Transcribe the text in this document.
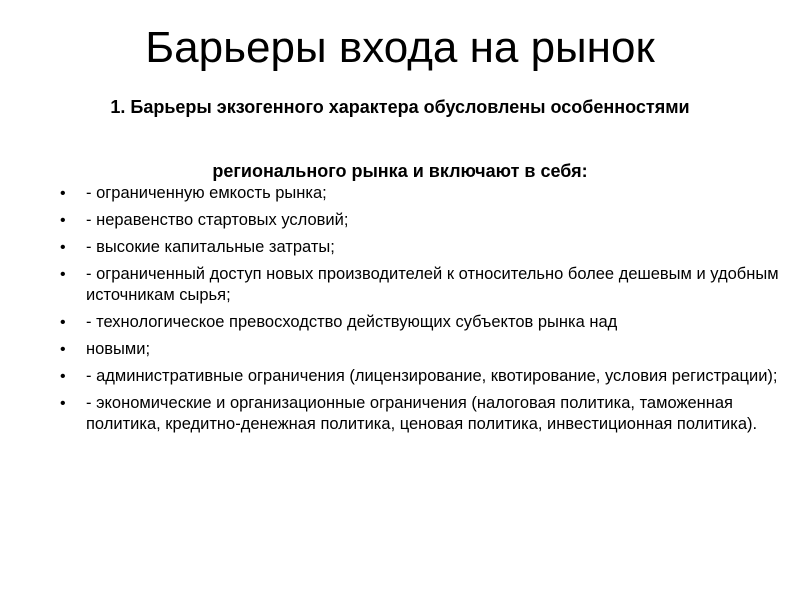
Барьеры входа на рынок

1. Барьеры экзогенного характера обусловлены особенностями

регионального рынка и включают в себя:

• - ограниченную емкость рынка;
• - неравенство стартовых условий;
• - высокие капитальные затраты;
• - ограниченный доступ новых производителей к относительно более дешевым и удобным источникам сырья;
• - технологическое превосходство действующих субъектов рынка над
• новыми;
• - административные ограничения (лицензирование, квотирование, условия регистрации);
• - экономические и организационные ограничения (налоговая политика, таможенная политика, кредитно-денежная политика, ценовая политика, инвестиционная политика).
